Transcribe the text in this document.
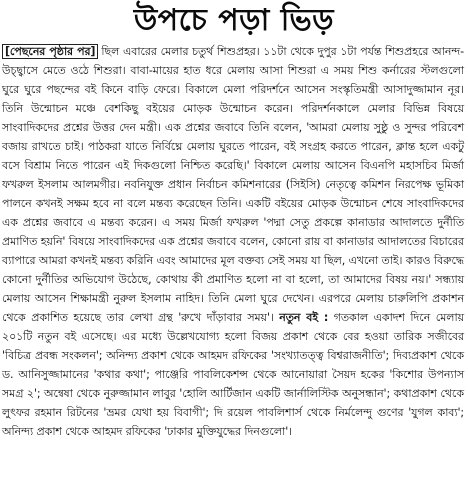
উপচে পড়া ভিড়
[পেছনের পৃষ্ঠার পর] ছিল এবারের মেলার চতুর্থ শিশুপ্রহর। ১১টা থেকে দুপুর ১টা পর্যন্ত শিশুপ্রহরে আনন্দ-উচ্ছ্বাসে মেতে ওঠে শিশুরা। বাবা-মায়ের হাত ধরে মেলায় আসা শিশুরা এ সময় শিশু কর্নারের স্টলগুলো ঘুরে ঘুরে পছন্দের বই কিনে বাড়ি ফেরে। বিকালে মেলা পরিদর্শনে আসেন সংস্কৃতিমন্ত্রী আসাদুজ্জামান নূর। তিনি উন্মোচন মঞ্চে বেশকিছু বইয়ের মোড়ক উন্মোচন করেন। পরিদর্শনকালে মেলার বিভিন্ন বিষয়ে সাংবাদিকদের প্রশ্নের উত্তর দেন মন্ত্রী। এক প্রশ্নের জবাবে তিনি বলেন, 'আমরা মেলায় সুষ্ঠু ও সুন্দর পরিবেশ বজায় রাখতে চাই। পাঠকরা যাতে নির্বিঘ্নে মেলায় ঘুরতে পারেন, বই সংগ্রহ করতে পারেন, ক্লান্ত হলে একটু বসে বিশ্রাম নিতে পারেন এই দিকগুলো নিশ্চিত করেছি।' বিকালে মেলায় আসেন বিএনপি মহাসচিব মির্জা ফখরুল ইসলাম আলমগীর। নবনিযুক্ত প্রধান নির্বাচন কমিশনারের (সিইসি) নেতৃত্বে কমিশন নিরপেক্ষ ভূমিকা পালনে কখনই সক্ষম হবে না বলে মন্তব্য করেছেন তিনি। একটি বইয়ের মোড়ক উন্মোচন শেষে সাংবাদিকদের এক প্রশ্নের জবাবে এ মন্তব্য করেন। এ সময় মির্জা ফখরুল 'পদ্মা সেতু প্রকল্পে কানাডার আদালতে দুর্নীতি প্রমাণিত হয়নি' বিষয়ে সাংবাদিকদের এক প্রশ্নের জবাবে বলেন, কোনো রায় বা কানাডার আদালতের বিচারের ব্যাপারে আমরা কখনই মন্তব্য করিনি এবং আমাদের মূল বক্তব্য সেই সময় যা ছিল, এখনো তাই। কারও বিরুদ্ধে কোনো দুর্নীতির অভিযোগ উঠেছে, কোথায় কী প্রমাণিত হলো না বা হলো, তা আমাদের বিষয় নয়।' সন্ধ্যায় মেলায় আসেন শিক্ষামন্ত্রী নুরুল ইসলাম নাহিদ। তিনি মেলা ঘুরে দেখেন। এরপরে মেলায় চারুলিপি প্রকাশন থেকে প্রকাশিত হয়েছে তার লেখা গ্রন্থ 'রুখে দাঁড়াবার সময়'। নতুন বই : গতকাল একাদশ দিনে মেলায় ২০১টি নতুন বই এসেছে। এর মধ্যে উল্লেখযোগ্য হলো বিজয় প্রকাশ থেকে বের হওয়া তারিক সজীবের 'বিচিত্র প্রবন্ধ সংকলন'; অনিন্দ্য প্রকাশ থেকে আহমদ রফিকের 'সংখ্যাতত্ত্ব বিশ্বরাজনীতি'; দিব্যপ্রকাশ থেকে ড. আনিসুজ্জামানের 'কথার কথা'; পাঞ্জেরি পাবলিকেশন্স থেকে আনোয়ারা সৈয়দ হকের 'কিশোর উপন্যাস সমগ্র ২'; অন্বেষা থেকে নুরুজ্জামান লাবুর 'হোলি আর্টিজান একটি জার্নালিস্টিক অনুসন্ধান'; কথাপ্রকাশ থেকে লুৎফর রহমান রিটনের 'ভ্রমর যেথা হয় বিবাগী'; দি রয়েল পাবলিশার্স থেকে নির্মলেন্দু গুণের 'যুগল কাব্য'; অনিন্দ্য প্রকাশ থেকে আহমদ রফিকের 'ঢাকার মুক্তিযুদ্ধের দিনগুলো'।
